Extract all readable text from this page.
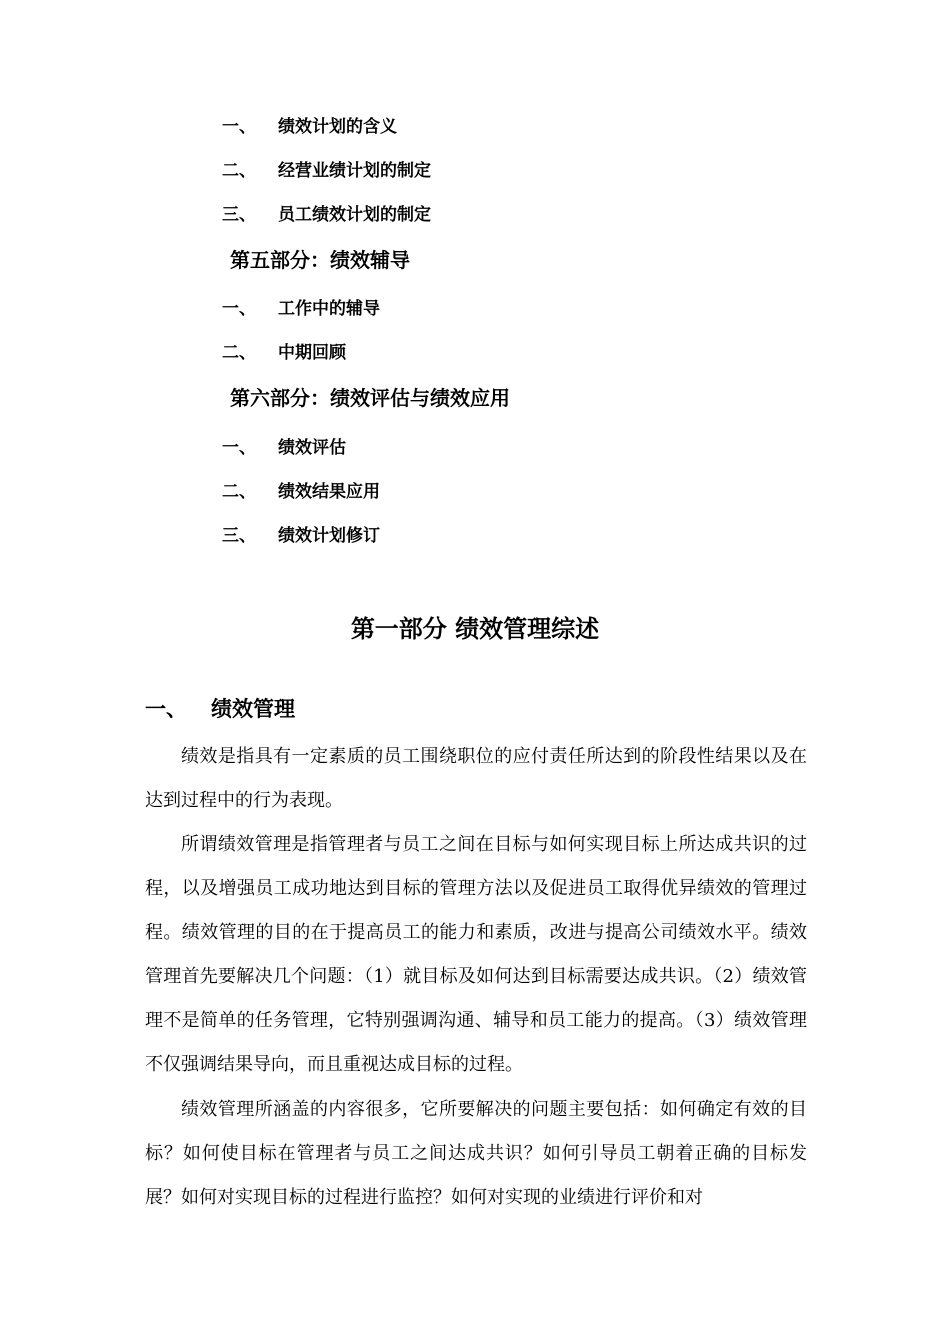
一、 绩效计划的含义
二、 经营业绩计划的制定
三、 员工绩效计划的制定
第五部分：绩效辅导
一、 工作中的辅导
二、 中期回顾
第六部分：绩效评估与绩效应用
一、 绩效评估
二、 绩效结果应用
三、 绩效计划修订
第一部分 绩效管理综述
一、 绩效管理

绩效是指具有一定素质的员工围绕职位的应付责任所达到的阶段性结果以及在达到过程中的行为表现。

所谓绩效管理是指管理者与员工之间在目标与如何实现目标上所达成共识的过程，以及增强员工成功地达到目标的管理方法以及促进员工取得优异绩效的管理过程。绩效管理的目的在于提高员工的能力和素质，改进与提高公司绩效水平。绩效管理首先要解决几个问题：（1）就目标及如何达到目标需要达成共识。（2）绩效管理不是简单的任务管理，它特别强调沟通、辅导和员工能力的提高。（3）绩效管理不仅强调结果导向，而且重视达成目标的过程。

绩效管理所涵盖的内容很多，它所要解决的问题主要包括：如何确定有效的目标？如何使目标在管理者与员工之间达成共识？如何引导员工朝着正确的目标发展？如何对实现目标的过程进行监控？如何对实现的业绩进行评价和对
